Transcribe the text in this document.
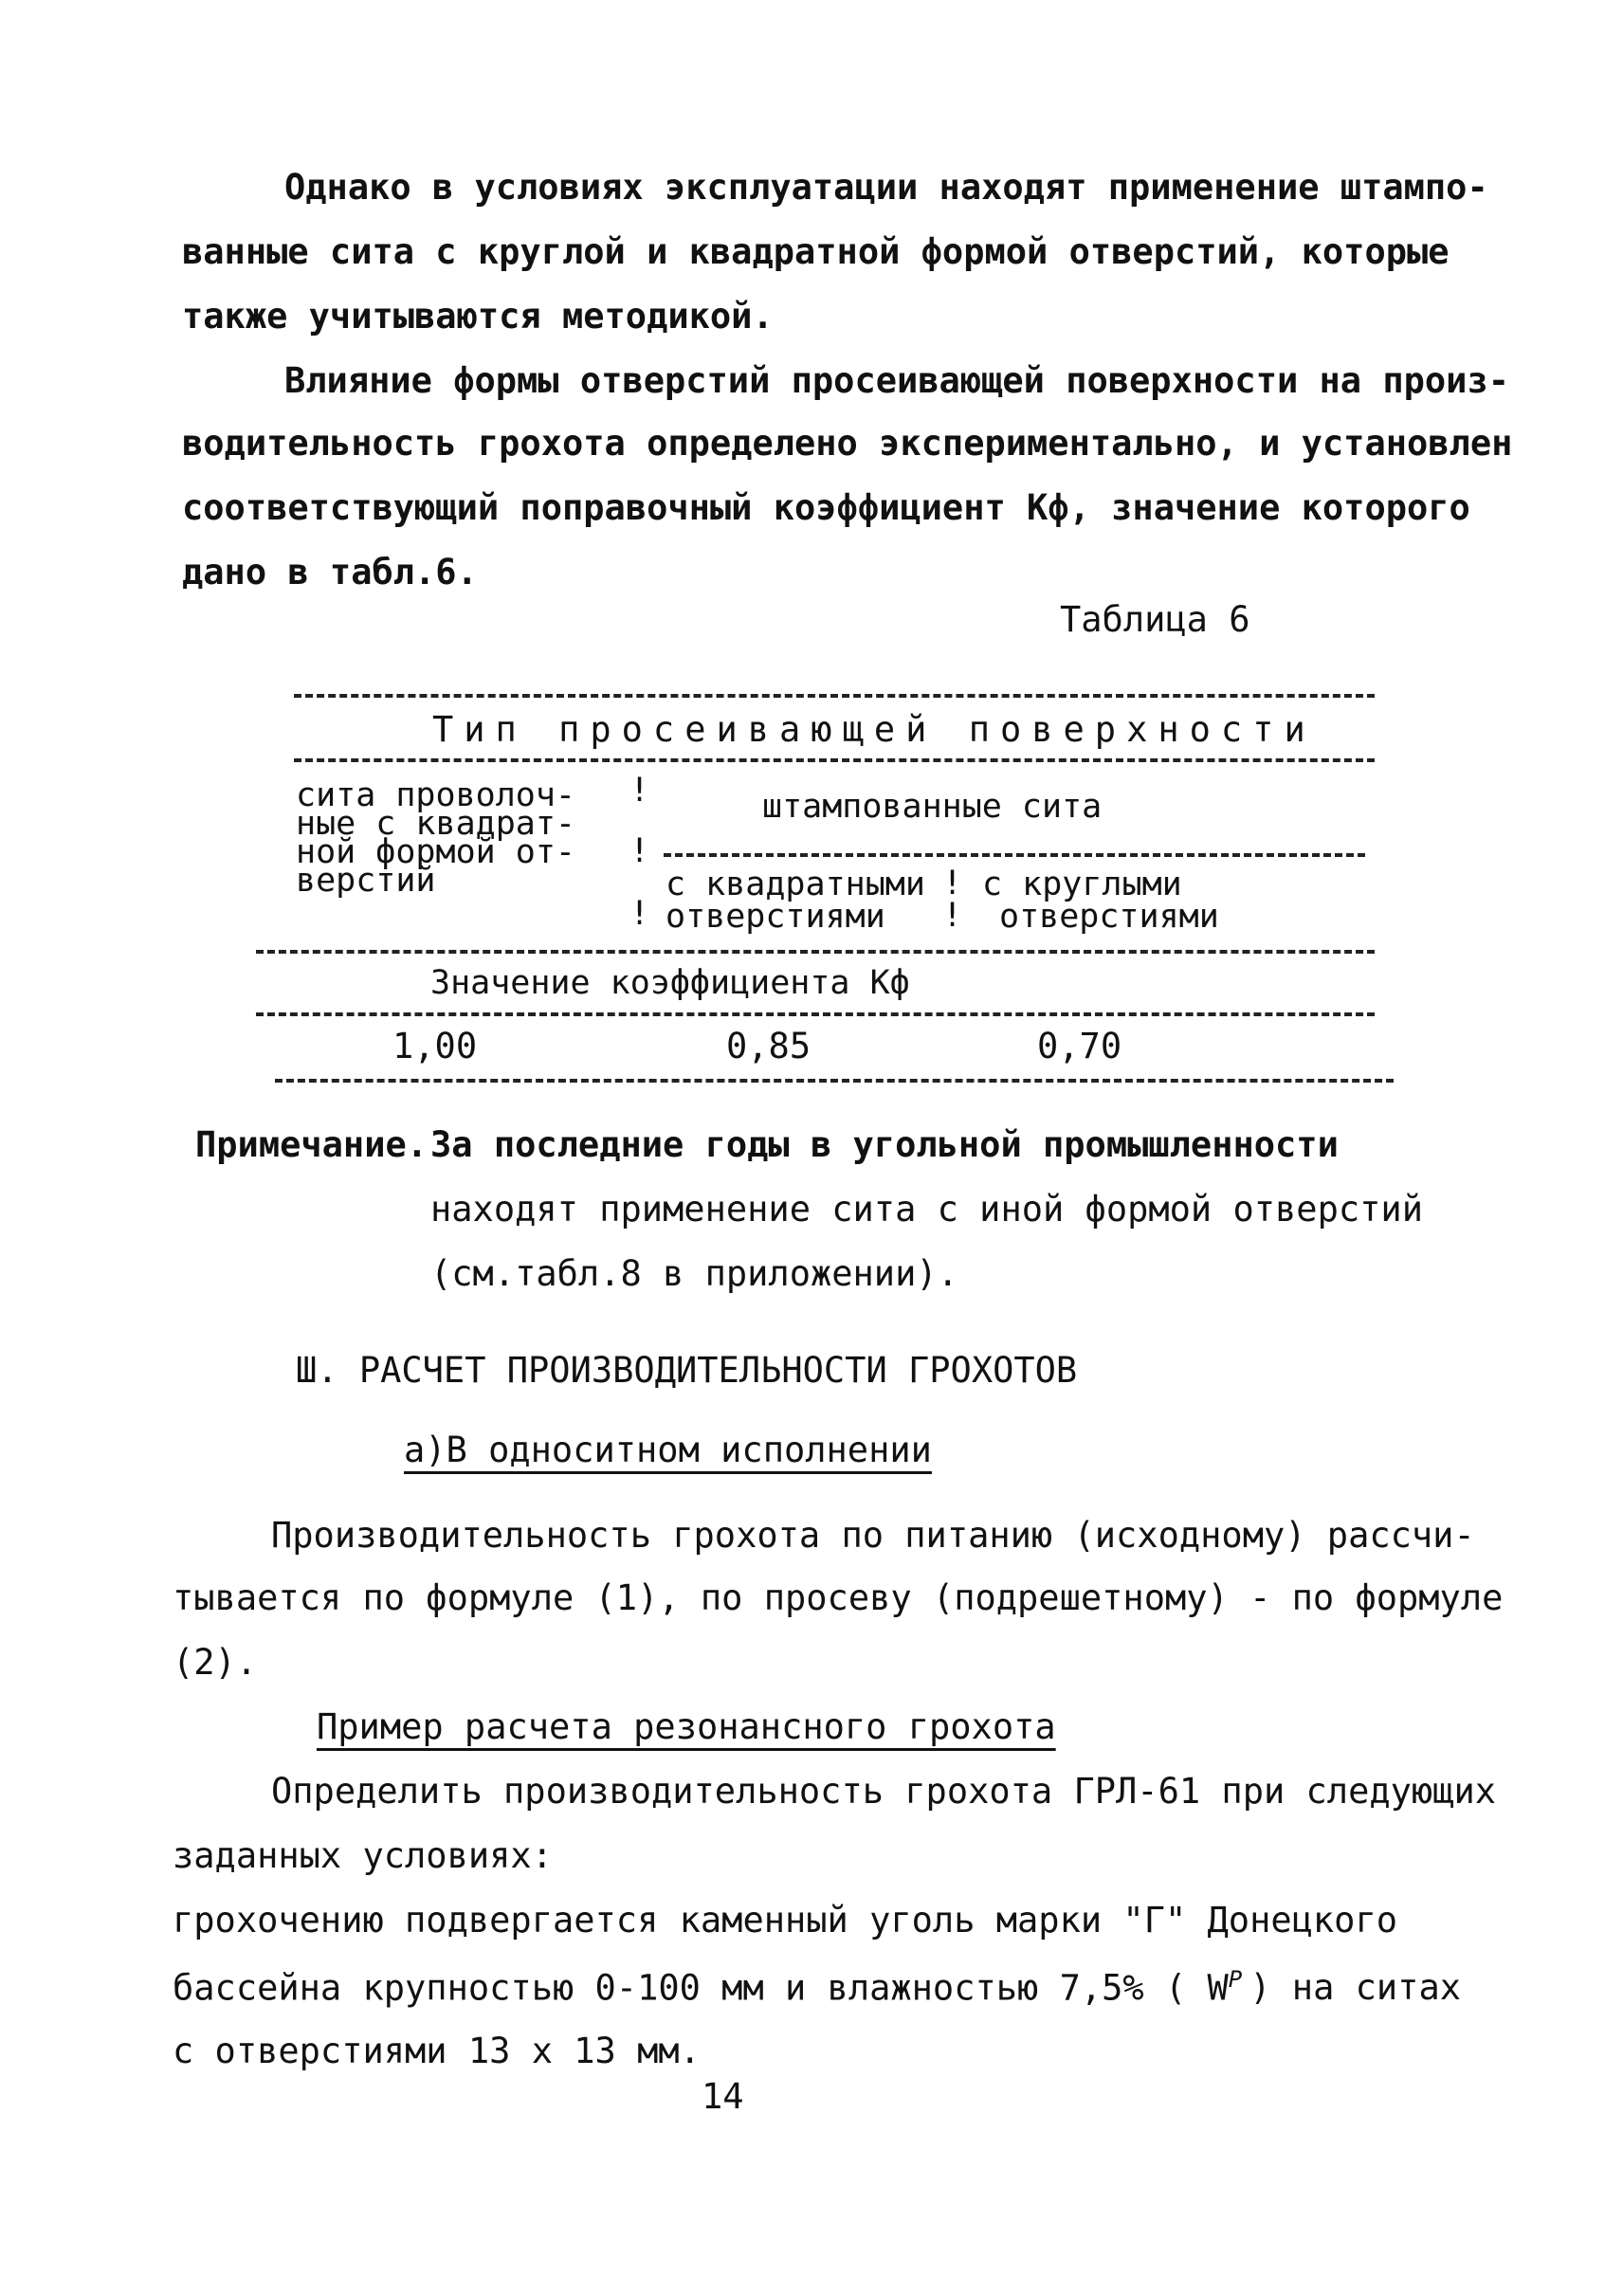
Однако в условиях эксплуатации находят применение штампо-
ванные сита с круглой и квадратной формой отверстий, которые
также учитываются методикой.
Влияние формы отверстий просеивающей поверхности на произ-
водительность грохота определено экспериментально, и установлен
соответствующий поправочный коэффициент Кф, значение которого
дано в табл.6.
Таблица 6
Тип просеивающей поверхности
сита проволоч-
ные с квадрат-
ной формой от-
верстий
!
!
!
штампованные сита
с квадратными
отверстиями
!
!
с круглыми
отверстиями
Значение коэффициента Кф
1,00	0,85	0,70
Примечание. За последние годы в угольной промышленности
находят применение сита с иной формой отверстий
(см.табл.8 в приложении).
Ш. РАСЧЕТ ПРОИЗВОДИТЕЛЬНОСТИ ГРОХОТОВ
а)В односитном исполнении
Производительность грохота по питанию (исходному) рассчи-
тывается по формуле (1), по просеву (подрешетному) - по формуле
(2).
Пример расчета резонансного грохота
Определить производительность грохота ГРЛ-61 при следующих
заданных условиях:
грохочению подвергается каменный уголь марки "Г" Донецкого
бассейна крупностью 0-100 мм и влажностью 7,5% ( $W^P$ ) на ситах
с отверстиями 13 х 13 мм.
14
